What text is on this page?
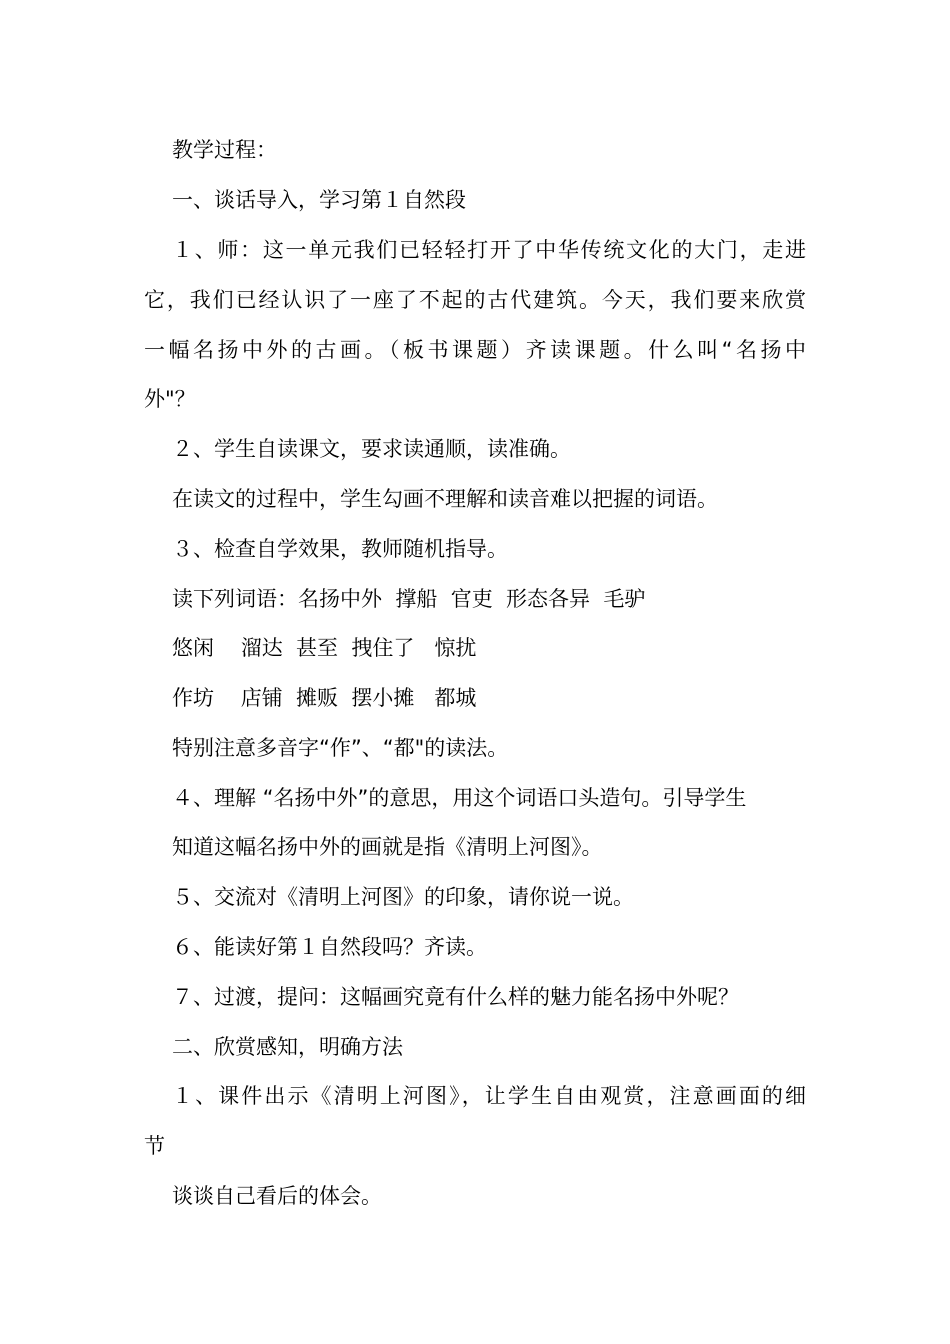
教学过程：
一、谈话导入，学习第１自然段
１、师：这一单元我们已轻轻打开了中华传统文化的大门，走进
它，我们已经认识了一座了不起的古代建筑。今天，我们要来欣赏
一幅名扬中外的古画。（板书课题）齐读课题。什么叫“名扬中
外"？
２、学生自读课文，要求读通顺，读准确。
在读文的过程中，学生勾画不理解和读音难以把握的词语。
３、检查自学效果，教师随机指导。
读下列词语：名扬中外  撑船  官吏  形态各异  毛驴
悠闲    溜达  甚至  拽住了   惊扰
作坊    店铺  摊贩  摆小摊   都城
特别注意多音字“作”、“都"的读法。
４、理解 “名扬中外”的意思，用这个词语口头造句。引导学生
知道这幅名扬中外的画就是指《清明上河图》。
５、交流对《清明上河图》的印象，请你说一说。
６、能读好第１自然段吗？齐读。
７、过渡，提问：这幅画究竟有什么样的魅力能名扬中外呢？
二、欣赏感知，明确方法
１、课件出示《清明上河图》，让学生自由观赏，注意画面的细
节
谈谈自己看后的体会。
